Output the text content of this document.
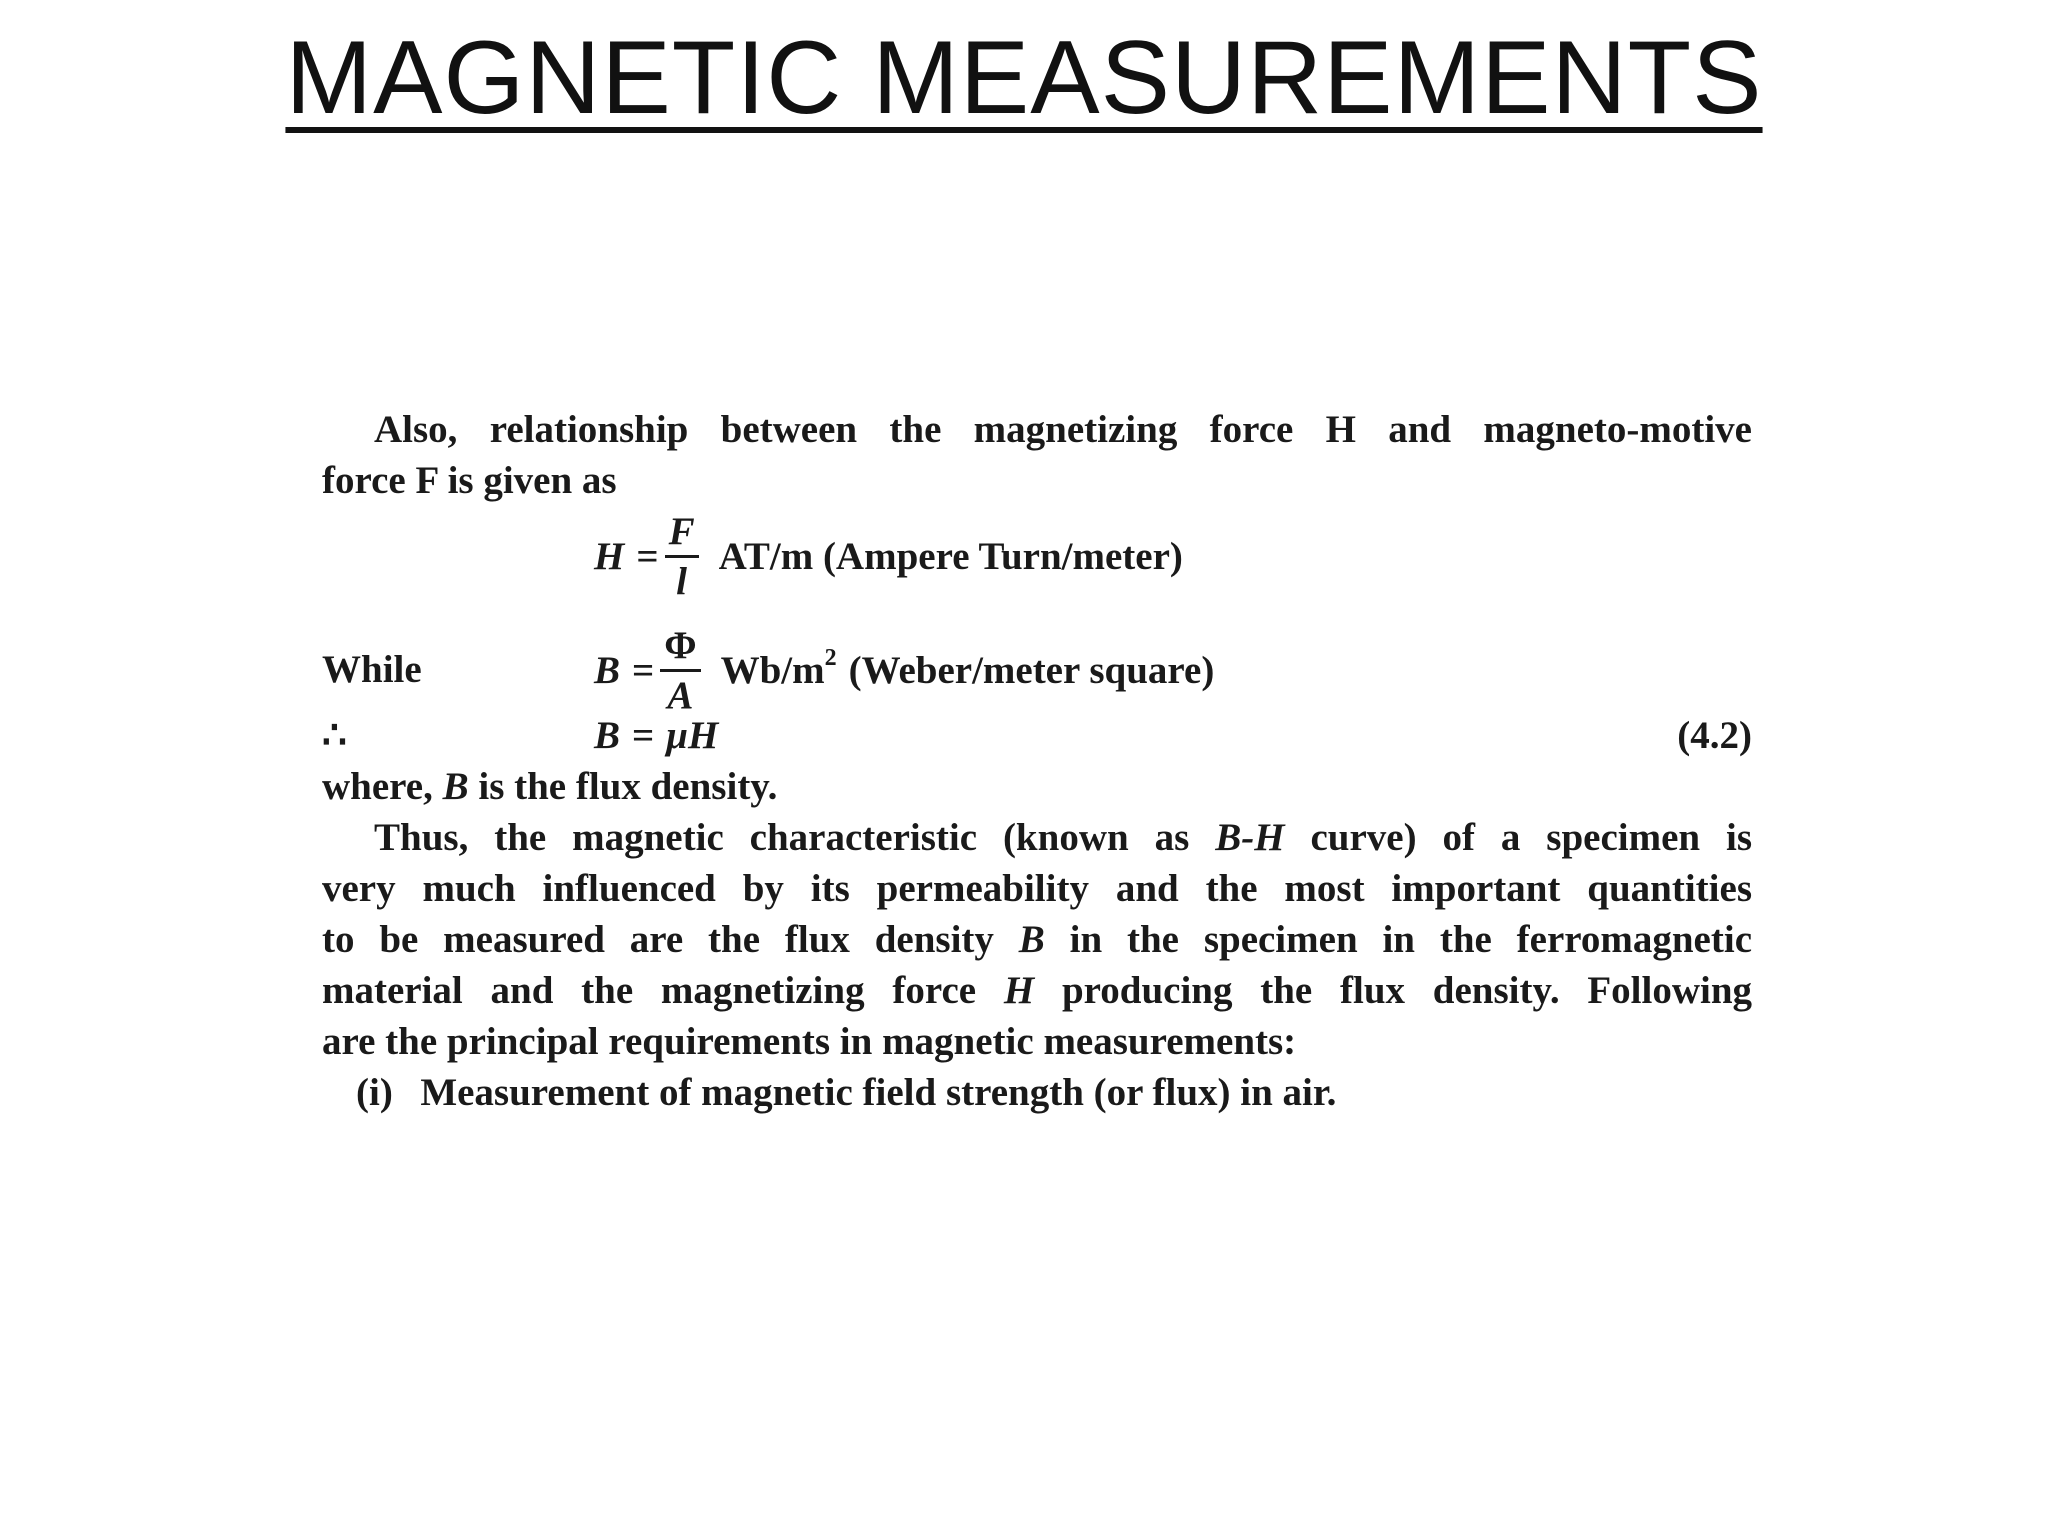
MAGNETIC MEASUREMENTS
Also, relationship between the magnetizing force H and magneto-motive
force F is given as
$H = \frac{F}{l} AT/m$ (Ampere Turn/meter)
While	$B = \frac{\Phi}{A} Wb/m^2$ (Weber/meter square)
∴	B = μH	(4.2)
where, B is the flux density.
Thus, the magnetic characteristic (known as B-H curve) of a specimen is
very much influenced by its permeability and the most important quantities
to be measured are the flux density B in the specimen in the ferromagnetic
material and the magnetizing force H producing the flux density. Following
are the principal requirements in magnetic measurements:
(i) Measurement of magnetic field strength (or flux) in air.
